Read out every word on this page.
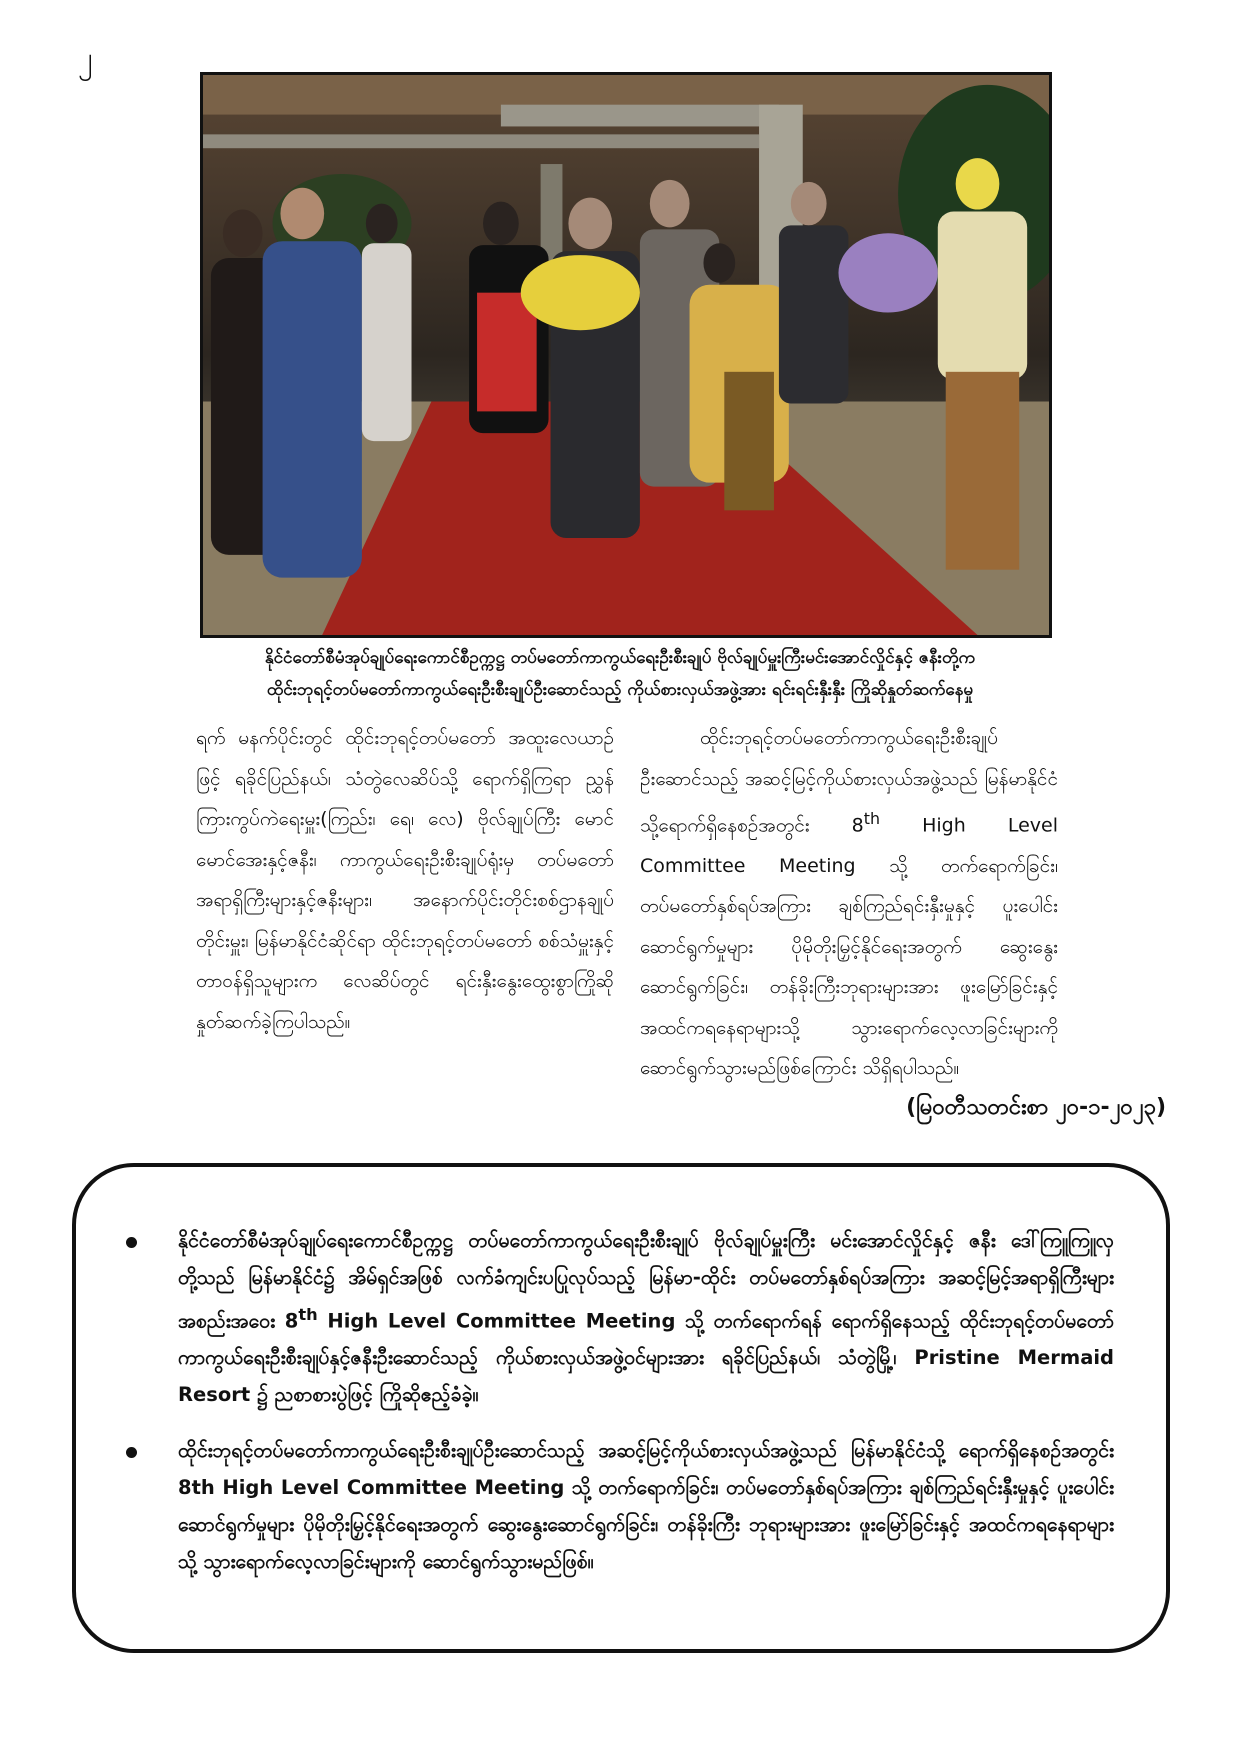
၂
နိုင်ငံတော်စီမံအုပ်ချုပ်ရေးကောင်စီဥက္ကဋ္ဌ တပ်မတော်ကာကွယ်ရေးဦးစီးချုပ် ဗိုလ်ချုပ်မှူးကြီးမင်းအောင်လှိုင်နှင့် ဇနီးတို့က
ထိုင်းဘုရင့်တပ်မတော်ကာကွယ်ရေးဦးစီးချုပ်ဦးဆောင်သည့် ကိုယ်စားလှယ်အဖွဲ့အား ရင်းရင်းနှီးနှီး ကြိုဆိုနှုတ်ဆက်နေမှု
ရက် မနက်ပိုင်းတွင် ထိုင်းဘုရင့်တပ်မတော် အထူးလေယာဉ်ဖြင့် ရခိုင်ပြည်နယ်၊ သံတွဲလေဆိပ်သို့ ရောက်ရှိကြရာ ညွှန်ကြားကွပ်ကဲရေးမှူး(ကြည်း၊ ရေ၊ လေ) ဗိုလ်ချုပ်ကြီး မောင်မောင်အေးနှင့်ဇနီး၊ ကာကွယ်ရေးဦးစီးချုပ်ရုံးမှ တပ်မတော်အရာရှိကြီးများနှင့်ဇနီးများ၊ အနောက်ပိုင်းတိုင်းစစ်ဌာနချုပ်တိုင်းမှူး၊ မြန်မာနိုင်ငံဆိုင်ရာ ထိုင်းဘုရင့်တပ်မတော် စစ်သံမှူးနှင့် တာဝန်ရှိသူများက လေဆိပ်တွင် ရင်းနှီးနွေးထွေးစွာကြိုဆိုနှုတ်ဆက်ခဲ့ကြပါသည်။
ထိုင်းဘုရင့်တပ်မတော်ကာကွယ်ရေးဦးစီးချုပ်ဦးဆောင်သည့် အဆင့်မြင့်ကိုယ်စားလှယ်အဖွဲ့သည် မြန်မာနိုင်ငံသို့ရောက်ရှိနေစဉ်အတွင်း 8th High Level Committee Meeting သို့ တက်ရောက်ခြင်း၊ တပ်မတော်နှစ်ရပ်အကြား ချစ်ကြည်ရင်းနှီးမှုနှင့် ပူးပေါင်းဆောင်ရွက်မှုများ ပိုမိုတိုးမြှင့်နိုင်ရေးအတွက် ဆွေးနွေးဆောင်ရွက်ခြင်း၊ တန်ခိုးကြီးဘုရားများအား ဖူးမြော်ခြင်းနှင့် အထင်ကရနေရာများသို့ သွားရောက်လေ့လာခြင်းများကို ဆောင်ရွက်သွားမည်ဖြစ်ကြောင်း သိရှိရပါသည်။
(မြဝတီသတင်းစာ ၂၀-၁-၂၀၂၃)
နိုင်ငံတော်စီမံအုပ်ချုပ်ရေးကောင်စီဥက္ကဋ္ဌ တပ်မတော်ကာကွယ်ရေးဦးစီးချုပ် ဗိုလ်ချုပ်မှူးကြီး မင်းအောင်လှိုင်နှင့် ဇနီး ဒေါ်ကြူကြူလှတို့သည် မြန်မာနိုင်ငံ၌ အိမ်ရှင်အဖြစ် လက်ခံကျင်းပပြုလုပ်သည့် မြန်မာ-ထိုင်း တပ်မတော်နှစ်ရပ်အကြား အဆင့်မြင့်အရာရှိကြီးများ အစည်းအဝေး 8th High Level Committee Meeting သို့ တက်ရောက်ရန် ရောက်ရှိနေသည့် ထိုင်းဘုရင့်တပ်မတော်ကာကွယ်ရေးဦးစီးချုပ်နှင့်ဇနီးဦးဆောင်သည့် ကိုယ်စားလှယ်အဖွဲ့ဝင်များအား ရခိုင်ပြည်နယ်၊ သံတွဲမြို့၊ Pristine Mermaid Resort ၌ ညစာစားပွဲဖြင့် ကြိုဆိုဧည့်ခံခဲ့။
ထိုင်းဘုရင့်တပ်မတော်ကာကွယ်ရေးဦးစီးချုပ်ဦးဆောင်သည့် အဆင့်မြင့်ကိုယ်စားလှယ်အဖွဲ့သည် မြန်မာနိုင်ငံသို့ ရောက်ရှိနေစဉ်အတွင်း 8th High Level Committee Meeting သို့ တက်ရောက်ခြင်း၊ တပ်မတော်နှစ်ရပ်အကြား ချစ်ကြည်ရင်းနှီးမှုနှင့် ပူးပေါင်းဆောင်ရွက်မှုများ ပိုမိုတိုးမြှင့်နိုင်ရေးအတွက် ဆွေးနွေးဆောင်ရွက်ခြင်း၊ တန်ခိုးကြီး ဘုရားများအား ဖူးမြော်ခြင်းနှင့် အထင်ကရနေရာများသို့ သွားရောက်လေ့လာခြင်းများကို ဆောင်ရွက်သွားမည်ဖြစ်။
